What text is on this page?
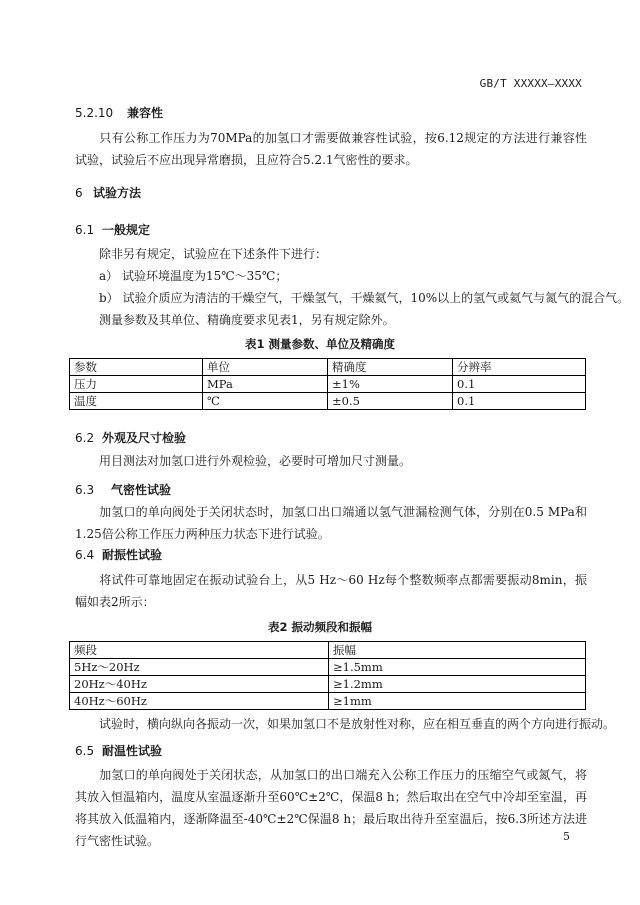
GB/T XXXXX—XXXX
5.2.10 兼容性
只有公称工作压力为70MPa的加氢口才需要做兼容性试验，按6.12规定的方法进行兼容性试验，试验后不应出现异常磨损，且应符合5.2.1气密性的要求。
6 试验方法
6.1 一般规定
除非另有规定，试验应在下述条件下进行：
a） 试验环境温度为15℃～35℃；
b） 试验介质应为清洁的干燥空气，干燥氢气，干燥氦气，10%以上的氢气或氦气与氮气的混合气。
测量参数及其单位、精确度要求见表1，另有规定除外。
表1 测量参数、单位及精确度
参数	单位	精确度	分辨率
压力	MPa	±1%	0.1
温度	℃	±0.5	0.1
6.2 外观及尺寸检验
用目测法对加氢口进行外观检验，必要时可增加尺寸测量。
6.3 气密性试验
加氢口的单向阀处于关闭状态时，加氢口出口端通以氢气泄漏检测气体，分别在0.5 MPa和1.25倍公称工作压力两种压力状态下进行试验。
6.4 耐振性试验
将试件可靠地固定在振动试验台上，从5 Hz～60 Hz每个整数频率点都需要振动8min，振幅如表2所示：
表2 振动频段和振幅
频段	振幅
5Hz～20Hz	≥1.5mm
20Hz～40Hz	≥1.2mm
40Hz～60Hz	≥1mm
试验时，横向纵向各振动一次，如果加氢口不是放射性对称，应在相互垂直的两个方向进行振动。
6.5 耐温性试验
加氢口的单向阀处于关闭状态，从加氢口的出口端充入公称工作压力的压缩空气或氮气，将其放入恒温箱内，温度从室温逐渐升至60℃±2℃，保温8 h；然后取出在空气中冷却至室温，再将其放入低温箱内，逐渐降温至-40℃±2℃保温8 h；最后取出待升至室温后，按6.3所述方法进行气密性试验。	5
